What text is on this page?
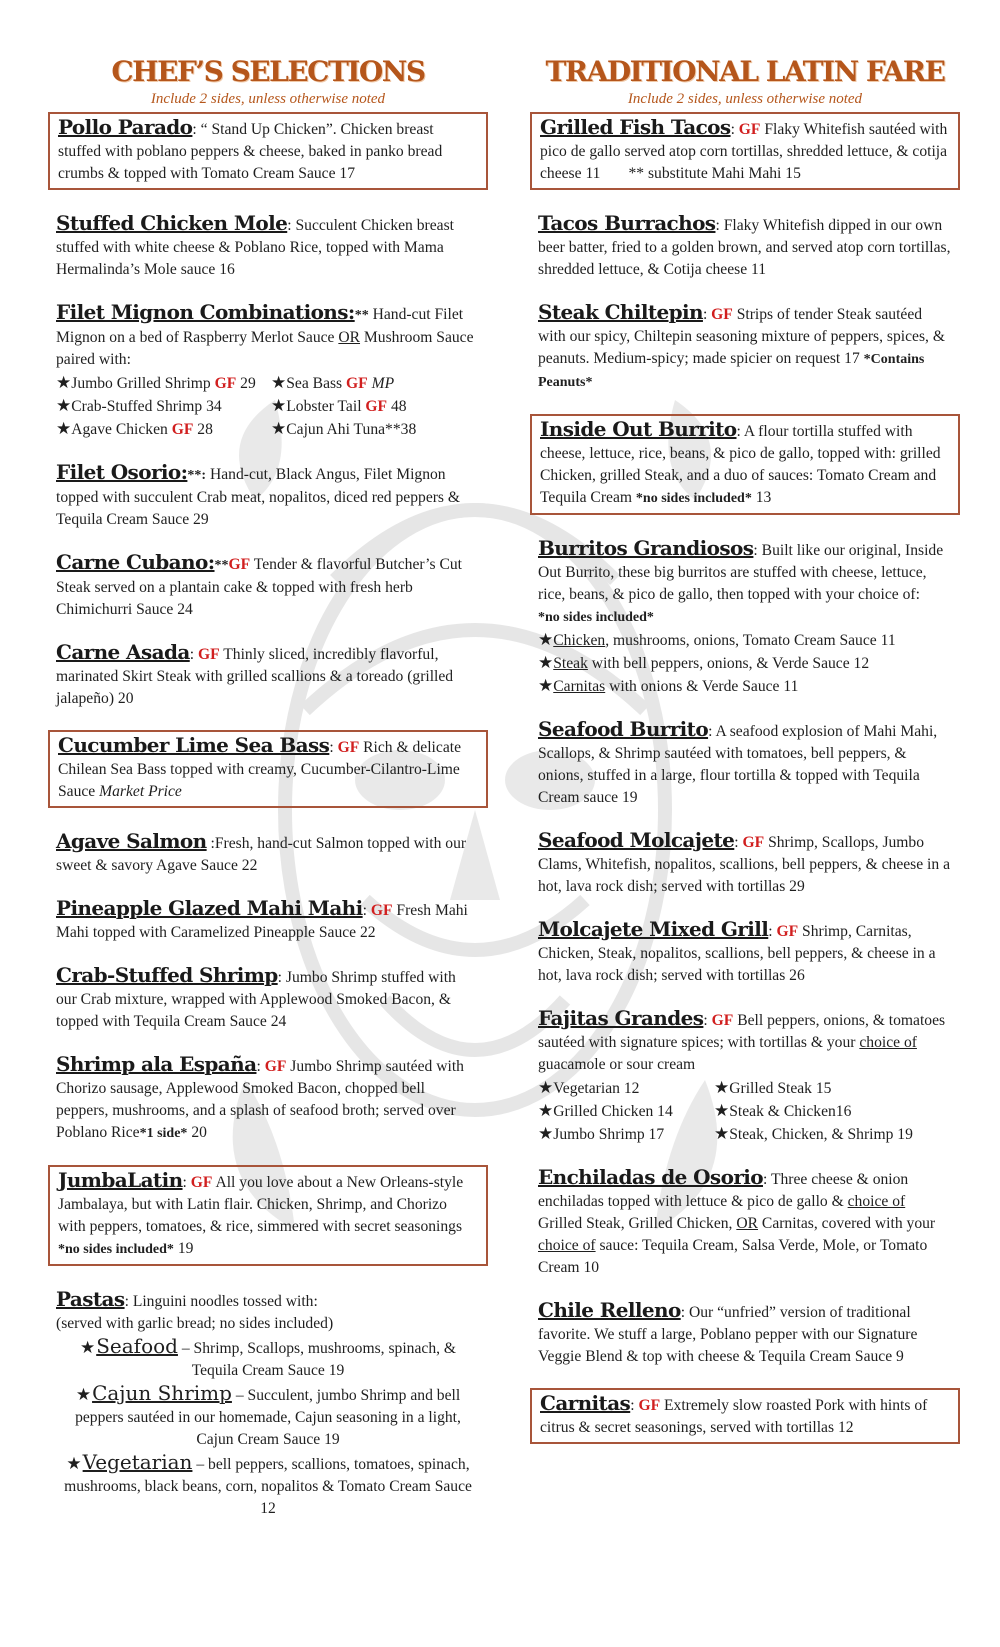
CHEF’S SELECTIONS
Include 2 sides, unless otherwise noted
Pollo Parado: “ Stand Up Chicken”. Chicken breast stuffed with poblano peppers & cheese, baked in panko bread crumbs & topped with Tomato Cream Sauce 17
Stuffed Chicken Mole: Succulent Chicken breast stuffed with white cheese & Poblano Rice, topped with Mama Hermalinda’s Mole sauce 16
Filet Mignon Combinations:** Hand-cut Filet Mignon on a bed of Raspberry Merlot Sauce OR Mushroom Sauce paired with:
★Jumbo Grilled Shrimp GF 29 ★Sea Bass GF MP
★Crab-Stuffed Shrimp 34	★Lobster Tail GF 48
★Agave Chicken GF 28	★Cajun Ahi Tuna**38
Filet Osorio:**: Hand-cut, Black Angus, Filet Mignon topped with succulent Crab meat, nopalitos, diced red peppers & Tequila Cream Sauce 29
Carne Cubano:**GF Tender & flavorful Butcher’s Cut Steak served on a plantain cake & topped with fresh herb Chimichurri Sauce 24
Carne Asada: GF Thinly sliced, incredibly flavorful, marinated Skirt Steak with grilled scallions & a toreado (grilled jalapeño) 20
Cucumber Lime Sea Bass: GF Rich & delicate Chilean Sea Bass topped with creamy, Cucumber-Cilantro-Lime Sauce Market Price
Agave Salmon :Fresh, hand-cut Salmon topped with our sweet & savory Agave Sauce 22
Pineapple Glazed Mahi Mahi: GF Fresh Mahi Mahi topped with Caramelized Pineapple Sauce 22
Crab-Stuffed Shrimp: Jumbo Shrimp stuffed with our Crab mixture, wrapped with Applewood Smoked Bacon, & topped with Tequila Cream Sauce 24
Shrimp ala España: GF Jumbo Shrimp sautéed with Chorizo sausage, Applewood Smoked Bacon, chopped bell peppers, mushrooms, and a splash of seafood broth; served over Poblano Rice*1 side* 20
JumbaLatin: GF All you love about a New Orleans-style Jambalaya, but with Latin flair. Chicken, Shrimp, and Chorizo with peppers, tomatoes, & rice, simmered with secret seasonings *no sides included* 19
Pastas: Linguini noodles tossed with:
(served with garlic bread; no sides included)
★Seafood – Shrimp, Scallops, mushrooms, spinach, & Tequila Cream Sauce 19
★Cajun Shrimp – Succulent, jumbo Shrimp and bell peppers sautéed in our homemade, Cajun seasoning in a light, Cajun Cream Sauce 19
★Vegetarian – bell peppers, scallions, tomatoes, spinach, mushrooms, black beans, corn, nopalitos & Tomato Cream Sauce 12
TRADITIONAL LATIN FARE
Include 2 sides, unless otherwise noted
Grilled Fish Tacos: GF Flaky Whitefish sautéed with pico de gallo served atop corn tortillas, shredded lettuce, & cotija cheese 11 ** substitute Mahi Mahi 15
Tacos Burrachos: Flaky Whitefish dipped in our own beer batter, fried to a golden brown, and served atop corn tortillas, shredded lettuce, & Cotija cheese 11
Steak Chiltepin: GF Strips of tender Steak sautéed with our spicy, Chiltepin seasoning mixture of peppers, spices, & peanuts. Medium-spicy; made spicier on request 17 *Contains Peanuts*
Inside Out Burrito: A flour tortilla stuffed with cheese, lettuce, rice, beans, & pico de gallo, topped with: grilled Chicken, grilled Steak, and a duo of sauces: Tomato Cream and Tequila Cream *no sides included* 13
Burritos Grandiosos: Built like our original, Inside Out Burrito, these big burritos are stuffed with cheese, lettuce, rice, beans, & pico de gallo, then topped with your choice of:*no sides included*
★Chicken, mushrooms, onions, Tomato Cream Sauce 11
★Steak with bell peppers, onions, & Verde Sauce 12
★Carnitas with onions & Verde Sauce 11
Seafood Burrito: A seafood explosion of Mahi Mahi, Scallops, & Shrimp sautéed with tomatoes, bell peppers, & onions, stuffed in a large, flour tortilla & topped with Tequila Cream sauce 19
Seafood Molcajete: GF Shrimp, Scallops, Jumbo Clams, Whitefish, nopalitos, scallions, bell peppers, & cheese in a hot, lava rock dish; served with tortillas 29
Molcajete Mixed Grill: GF Shrimp, Carnitas, Chicken, Steak, nopalitos, scallions, bell peppers, & cheese in a hot, lava rock dish; served with tortillas 26
Fajitas Grandes: GF Bell peppers, onions, & tomatoes sautéed with signature spices; with tortillas & your choice of guacamole or sour cream
★Vegetarian 12	★Grilled Steak 15
★Grilled Chicken 14	★Steak & Chicken16
★Jumbo Shrimp 17	★Steak, Chicken, & Shrimp 19
Enchiladas de Osorio: Three cheese & onion enchiladas topped with lettuce & pico de gallo & choice of Grilled Steak, Grilled Chicken, OR Carnitas, covered with your choice of sauce: Tequila Cream, Salsa Verde, Mole, or Tomato Cream 10
Chile Relleno: Our “unfried” version of traditional favorite. We stuff a large, Poblano pepper with our Signature Veggie Blend & top with cheese & Tequila Cream Sauce 9
Carnitas: GF Extremely slow roasted Pork with hints of citrus & secret seasonings, served with tortillas 12
